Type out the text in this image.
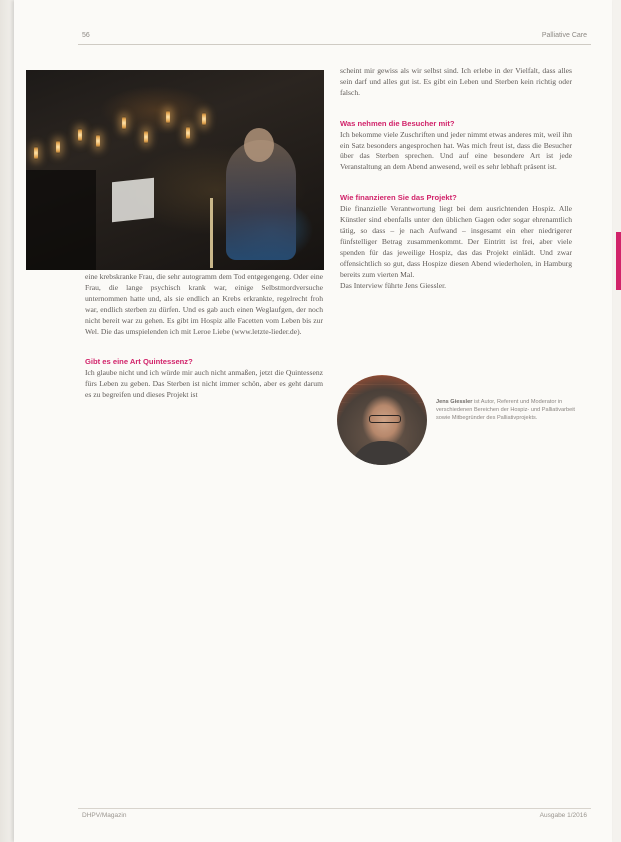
56	Palliative Care

eine krebskranke Frau, die sehr autogramm dem Tod entgegengeng. Oder eine Frau, die lange psychisch krank war, einige Selbstmordversuche unternommen hatte und, als sie endlich an Krebs erkrankte, regelrecht froh war, endlich sterben zu dürfen. Und es gab auch einen Weglaufgen, der noch nicht bereit war zu gehen. Es gibt im Hospiz alle Facetten vom Leben bis zur Wel. Die das umspielenden ich mit Leroe Liebe (www.letzte-lieder.de).

Gibt es eine Art Quintessenz?

Ich glaube nicht und ich würde mir auch nicht anmaßen, jetzt die Quintessenz fürs Leben zu geben. Das Sterben ist nicht immer schön, aber es geht darum es zu begreifen und dieses Projekt ist

scheint mir gewiss als wir selbst sind. Ich erlebe in der Vielfalt, dass alles sein darf und alles gut ist. Es gibt ein Leben und Sterben kein richtig oder falsch.

Was nehmen die Besucher mit?

Ich bekomme viele Zuschriften und jeder nimmt etwas anderes mit, weil ihn ein Satz besonders angesprochen hat. Was mich freut ist, dass die Besucher über das Sterben sprechen. Und auf eine besondere Art ist jede Veranstaltung an dem Abend anwesend, weil es sehr lebhaft präsent ist.

Wie finanzieren Sie das Projekt?

Die finanzielle Verantwortung liegt bei dem ausrichtenden Hospiz. Alle Künstler sind ebenfalls unter den üblichen Gagen oder sogar ehrenamtlich tätig, so dass – je nach Aufwand – insgesamt ein eher niedrigerer fünfstelliger Betrag zusammenkommt. Der Eintritt ist frei, aber viele spenden für das jeweilige Hospiz, das das Projekt einlädt. Und zwar offensichtlich so gut, dass Hospize diesen Abend wiederholen, in Hamburg bereits zum vierten Mal.

Das Interview führte Jens Giessler.

Jens Giessler ist Autor, Referent und Moderator in verschiedenen Bereichen der Hospiz- und Palliativarbeit sowie Mitbegründer des Palliativprojekts.
DHPV/Magazin	Ausgabe 1/2016
